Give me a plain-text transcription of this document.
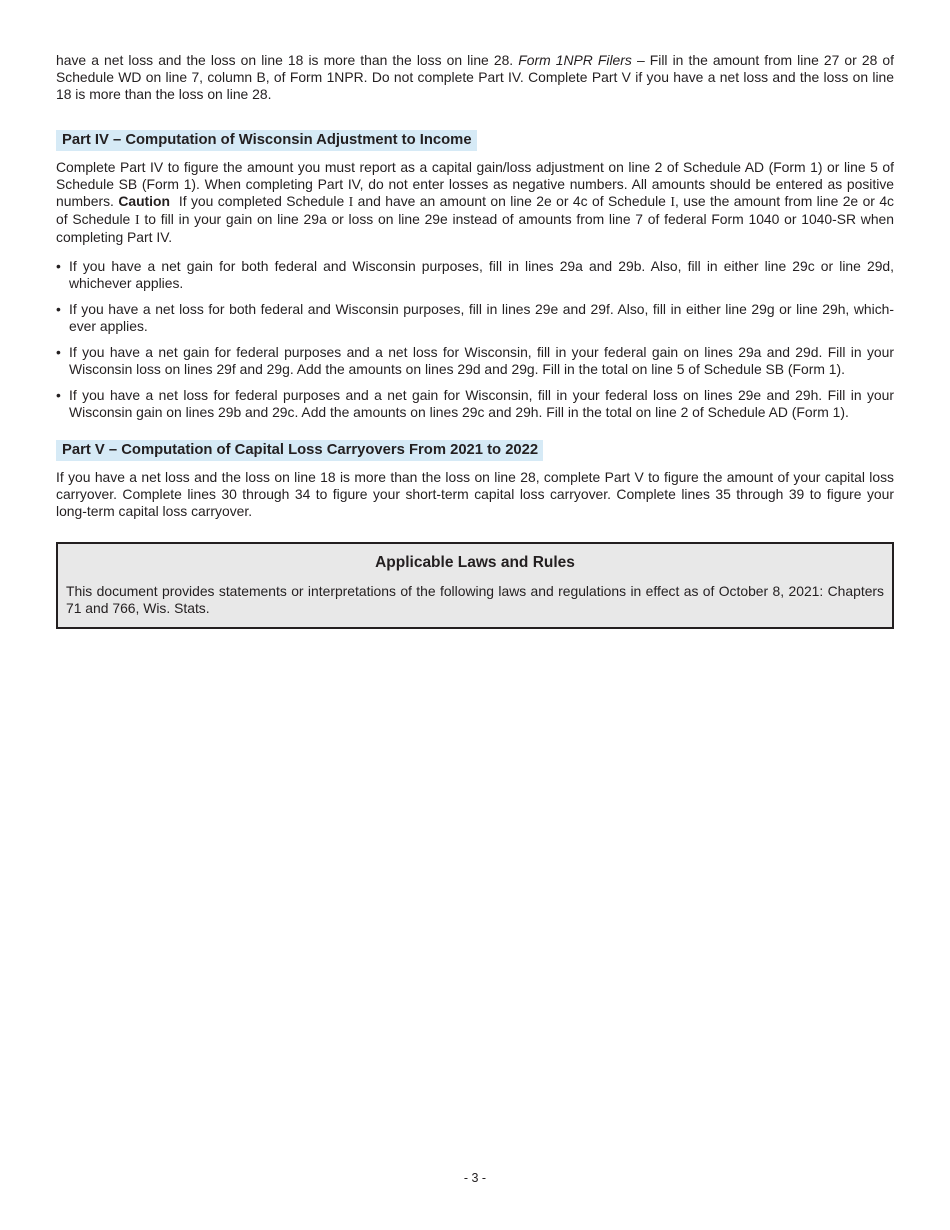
have a net loss and the loss on line 18 is more than the loss on line 28. Form 1NPR Filers – Fill in the amount from line 27 or 28 of Schedule WD on line 7, column B, of Form 1NPR. Do not complete Part IV. Complete Part V if you have a net loss and the loss on line 18 is more than the loss on line 28.

Part IV – Computation of Wisconsin Adjustment to Income

Complete Part IV to figure the amount you must report as a capital gain/loss adjustment on line 2 of Schedule AD (Form 1) or line 5 of Schedule SB (Form 1). When completing Part IV, do not enter losses as negative numbers. All amounts should be entered as positive numbers. Caution  If you completed Schedule I and have an amount on line 2e or 4c of Schedule I, use the amount from line 2e or 4c of Schedule I to fill in your gain on line 29a or loss on line 29e instead of amounts from line 7 of federal Form 1040 or 1040-SR when completing Part IV.

• If you have a net gain for both federal and Wisconsin purposes, fill in lines 29a and 29b. Also, fill in either line 29c or line 29d, whichever applies.
• If you have a net loss for both federal and Wisconsin purposes, fill in lines 29e and 29f. Also, fill in either line 29g or line 29h, which-ever applies.
• If you have a net gain for federal purposes and a net loss for Wisconsin, fill in your federal gain on lines 29a and 29d. Fill in your Wisconsin loss on lines 29f and 29g. Add the amounts on lines 29d and 29g. Fill in the total on line 5 of Schedule SB (Form 1).
• If you have a net loss for federal purposes and a net gain for Wisconsin, fill in your federal loss on lines 29e and 29h. Fill in your Wisconsin gain on lines 29b and 29c. Add the amounts on lines 29c and 29h. Fill in the total on line 2 of Schedule AD (Form 1).
Part V – Computation of Capital Loss Carryovers From 2021 to 2022

If you have a net loss and the loss on line 18 is more than the loss on line 28, complete Part V to figure the amount of your capital loss carryover. Complete lines 30 through 34 to figure your short-term capital loss carryover. Complete lines 35 through 39 to figure your long-term capital loss carryover.

Applicable Laws and Rules

This document provides statements or interpretations of the following laws and regulations in effect as of October 8, 2021: Chapters 71 and 766, Wis. Stats.

- 3 -
